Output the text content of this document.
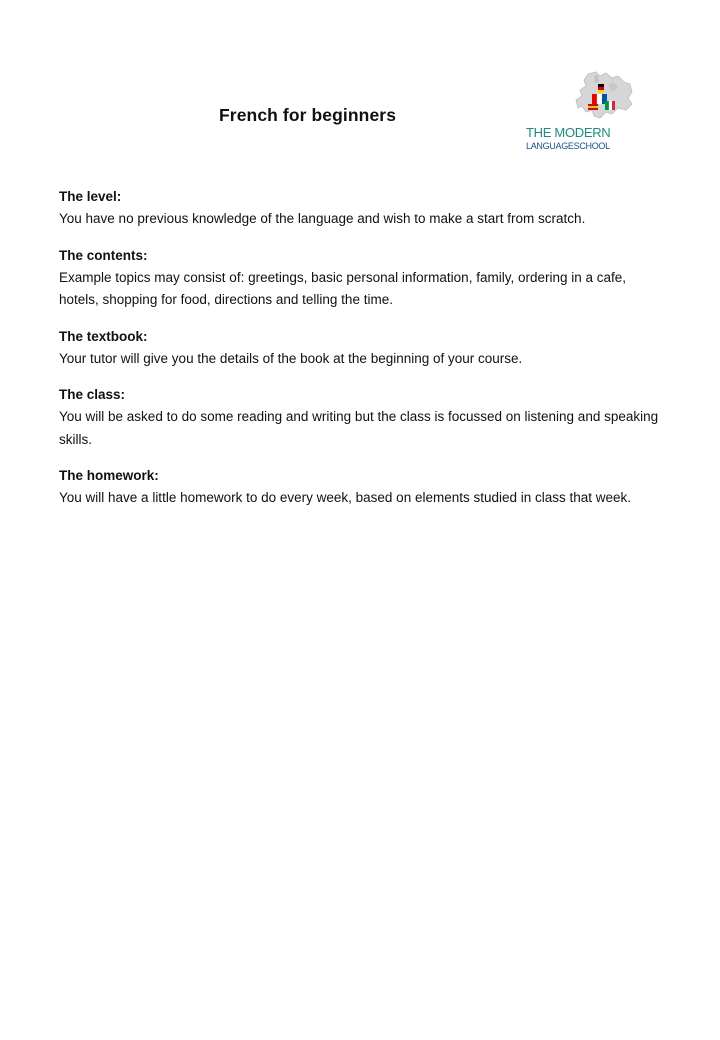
French for beginners
THE MODERN
LANGUAGESCHOOL
The level:
You have no previous knowledge of the language and wish to make a start from scratch.
The contents:
Example topics may consist of: greetings, basic personal information, family, ordering in a cafe, hotels, shopping for food, directions and telling the time.
The textbook:
Your tutor will give you the details of the book at the beginning of your course.
The class:
You will be asked to do some reading and writing but the class is focussed on listening and speaking skills.
The homework:
You will have a little homework to do every week, based on elements studied in class that week.
